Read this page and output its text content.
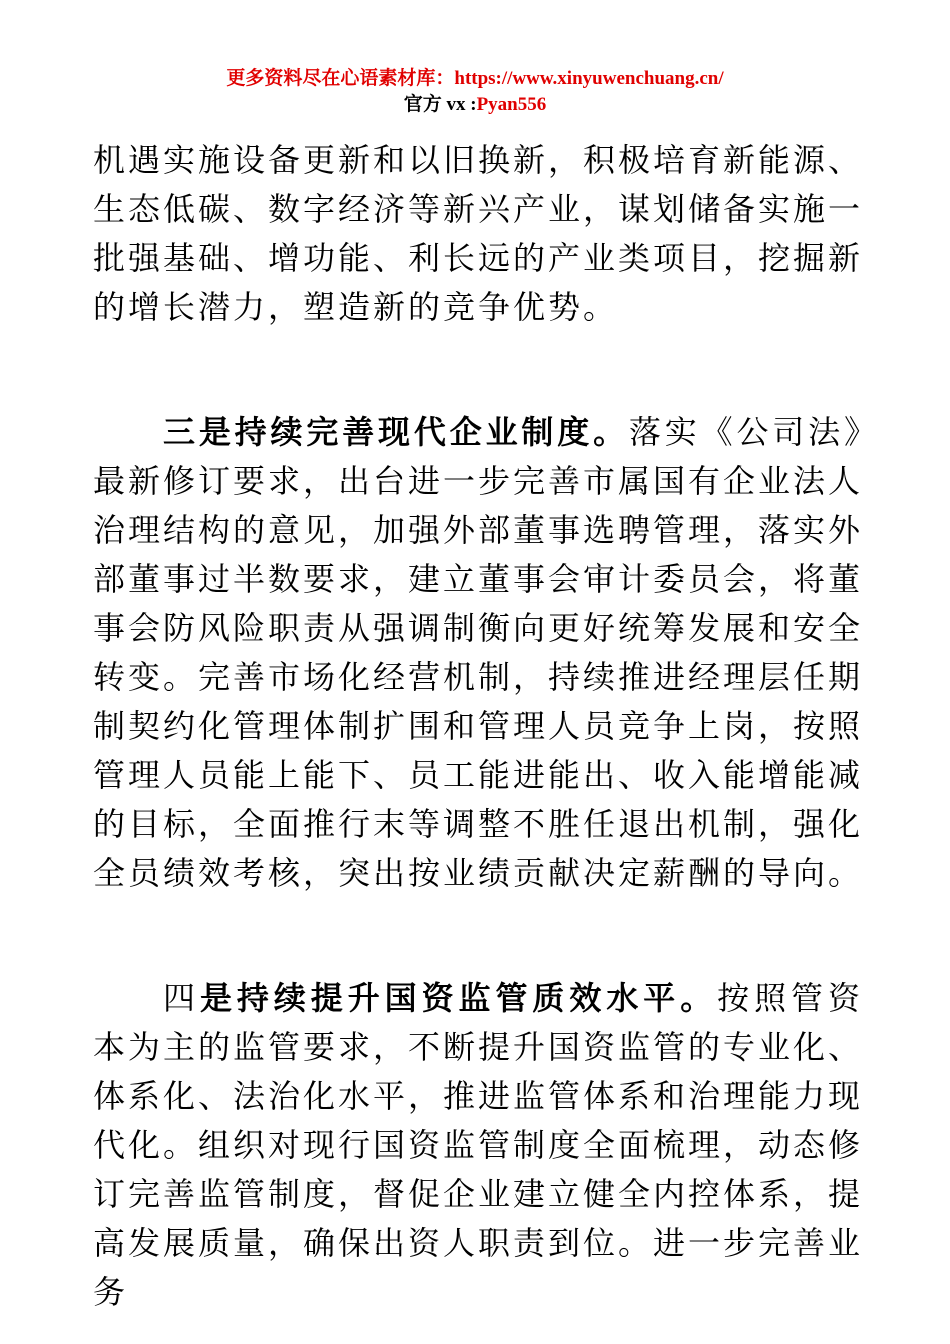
更多资料尽在心语素材库：https://www.xinyuwenchuang.cn/
官方 vx :Pyan556

机遇实施设备更新和以旧换新，积极培育新能源、生态低碳、数字经济等新兴产业，谋划储备实施一批强基础、增功能、利长远的产业类项目，挖掘新的增长潜力，塑造新的竞争优势。

三是持续完善现代企业制度。落实《公司法》最新修订要求，出台进一步完善市属国有企业法人治理结构的意见，加强外部董事选聘管理，落实外部董事过半数要求，建立董事会审计委员会，将董事会防风险职责从强调制衡向更好统筹发展和安全转变。完善市场化经营机制，持续推进经理层任期制契约化管理体制扩围和管理人员竞争上岗，按照管理人员能上能下、员工能进能出、收入能增能减的目标，全面推行末等调整不胜任退出机制，强化全员绩效考核，突出按业绩贡献决定薪酬的导向。

四是持续提升国资监管质效水平。按照管资本为主的监管要求，不断提升国资监管的专业化、体系化、法治化水平，推进监管体系和治理能力现代化。组织对现行国资监管制度全面梳理，动态修订完善监管制度，督促企业建立健全内控体系，提高发展质量，确保出资人职责到位。进一步完善业务
